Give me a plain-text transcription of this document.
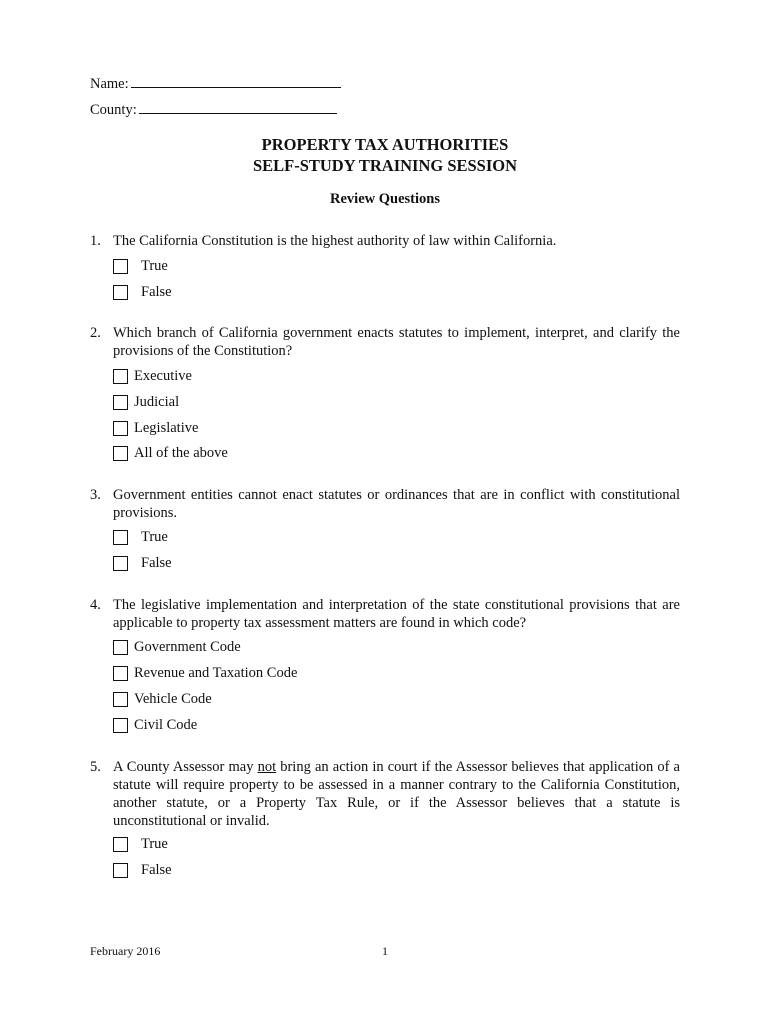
Name:
County:
PROPERTY TAX AUTHORITIES
SELF-STUDY TRAINING SESSION
Review Questions
1. The California Constitution is the highest authority of law within California.
True
False
2. Which branch of California government enacts statutes to implement, interpret, and clarify the provisions of the Constitution?
Executive
Judicial
Legislative
All of the above
3. Government entities cannot enact statutes or ordinances that are in conflict with constitutional provisions.
True
False
4. The legislative implementation and interpretation of the state constitutional provisions that are applicable to property tax assessment matters are found in which code?
Government Code
Revenue and Taxation Code
Vehicle Code
Civil Code
5. A County Assessor may not bring an action in court if the Assessor believes that application of a statute will require property to be assessed in a manner contrary to the California Constitution, another statute, or a Property Tax Rule, or if the Assessor believes that a statute is unconstitutional or invalid.
True
False
February 2016	1
